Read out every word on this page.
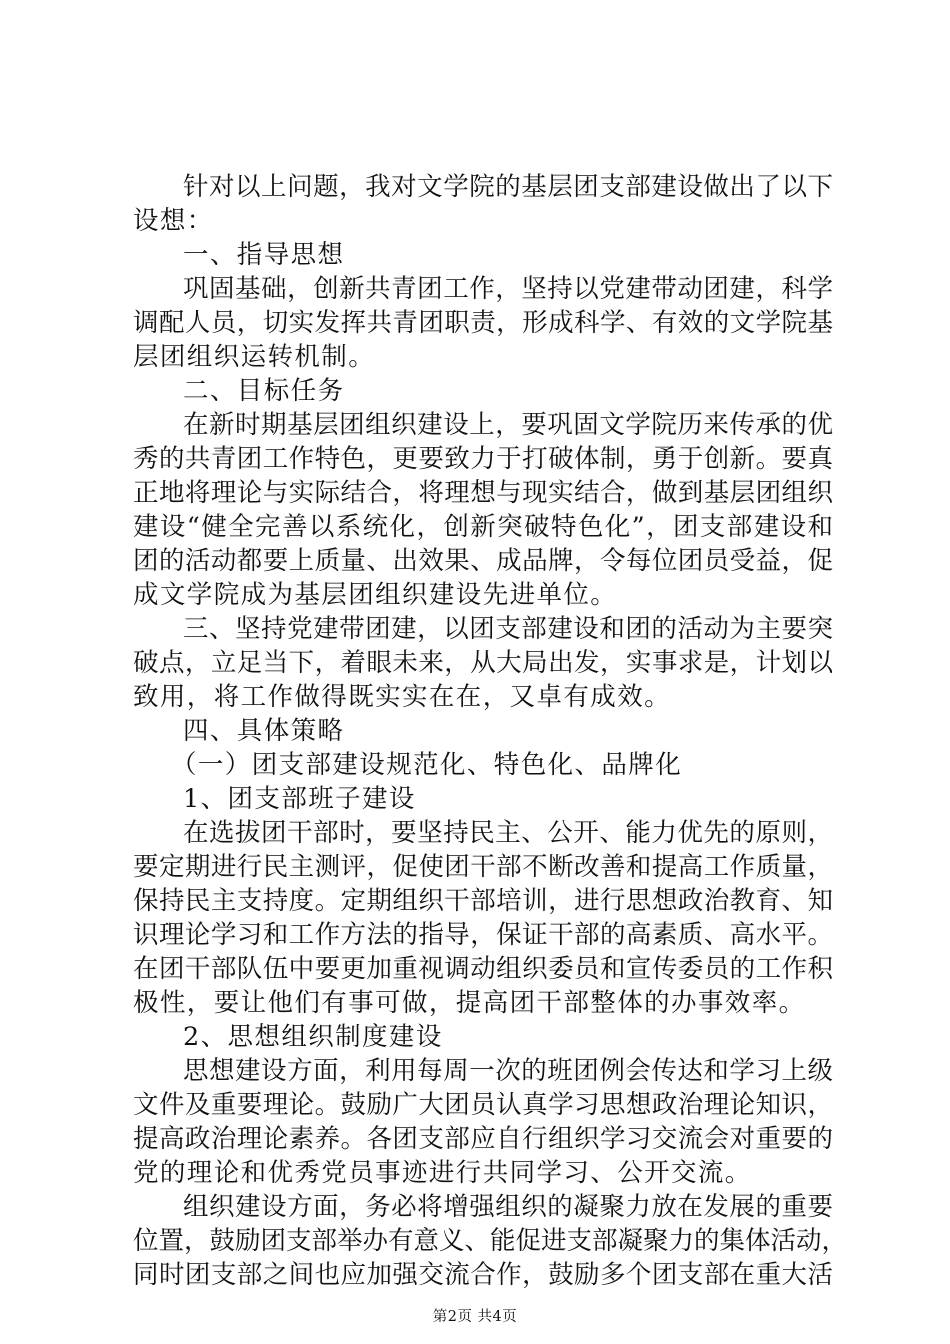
针对以上问题，我对文学院的基层团支部建设做出了以下
设想：
一、指导思想
巩固基础，创新共青团工作，坚持以党建带动团建，科学
调配人员，切实发挥共青团职责，形成科学、有效的文学院基
层团组织运转机制。
二、目标任务
在新时期基层团组织建设上，要巩固文学院历来传承的优
秀的共青团工作特色，更要致力于打破体制，勇于创新。要真
正地将理论与实际结合，将理想与现实结合，做到基层团组织
建设“健全完善以系统化，创新突破特色化”，团支部建设和
团的活动都要上质量、出效果、成品牌，令每位团员受益，促
成文学院成为基层团组织建设先进单位。
三、坚持党建带团建，以团支部建设和团的活动为主要突
破点，立足当下，着眼未来，从大局出发，实事求是，计划以
致用，将工作做得既实实在在，又卓有成效。
四、具体策略
（一）团支部建设规范化、特色化、品牌化
1、团支部班子建设
在选拔团干部时，要坚持民主、公开、能力优先的原则，
要定期进行民主测评，促使团干部不断改善和提高工作质量，
保持民主支持度。定期组织干部培训，进行思想政治教育、知
识理论学习和工作方法的指导，保证干部的高素质、高水平。
在团干部队伍中要更加重视调动组织委员和宣传委员的工作积
极性，要让他们有事可做，提高团干部整体的办事效率。
2、思想组织制度建设
思想建设方面，利用每周一次的班团例会传达和学习上级
文件及重要理论。鼓励广大团员认真学习思想政治理论知识，
提高政治理论素养。各团支部应自行组织学习交流会对重要的
党的理论和优秀党员事迹进行共同学习、公开交流。
组织建设方面，务必将增强组织的凝聚力放在发展的重要
位置，鼓励团支部举办有意义、能促进支部凝聚力的集体活动，
同时团支部之间也应加强交流合作，鼓励多个团支部在重大活
第2页 共4页
